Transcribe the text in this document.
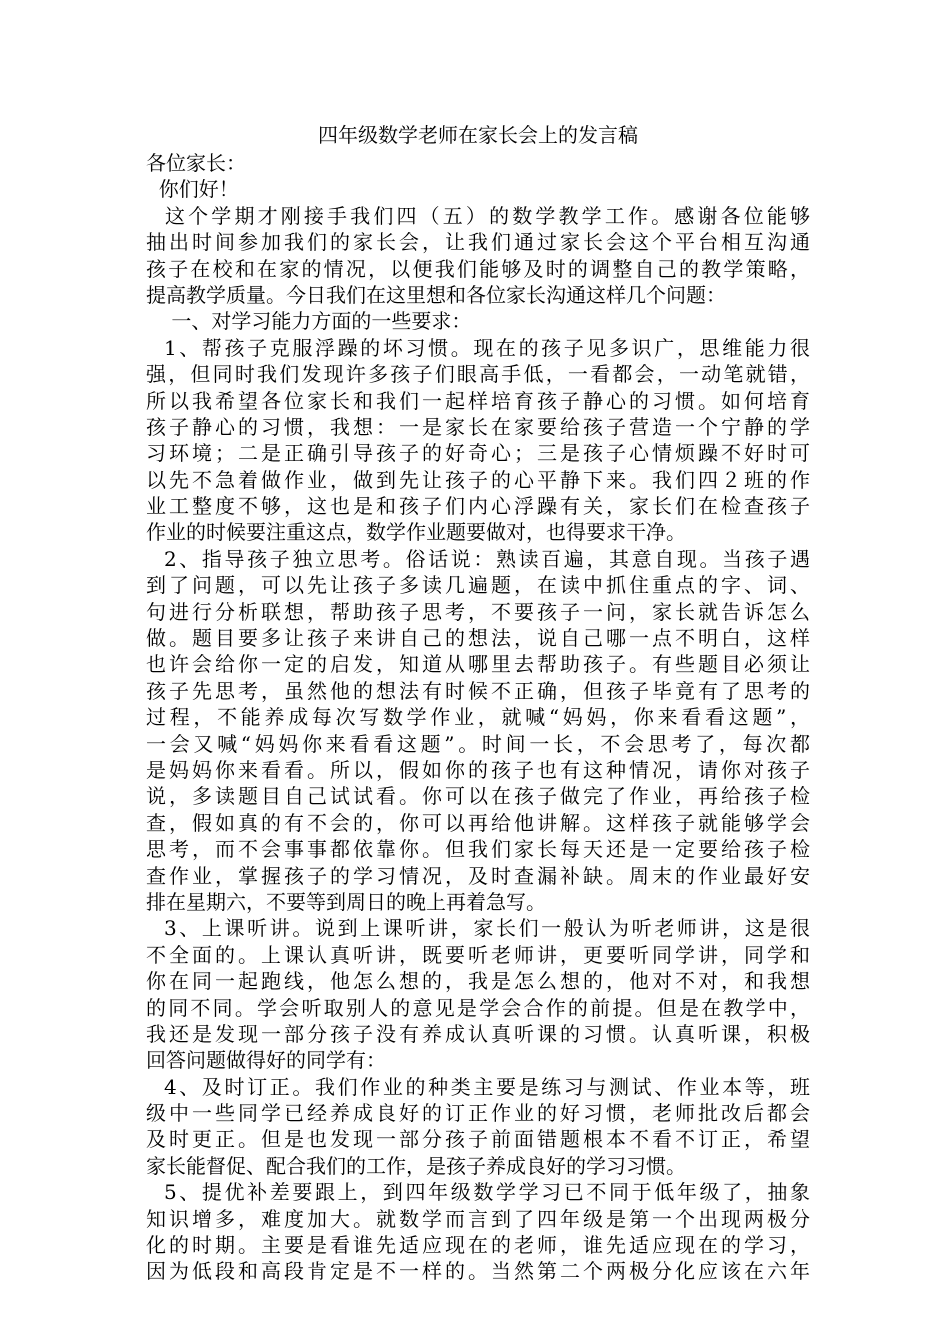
四年级数学老师在家长会上的发言稿
各位家长：
你们好！
这个学期才刚接手我们四（五）的数学教学工作。感谢各位能够
抽出时间参加我们的家长会，让我们通过家长会这个平台相互沟通
孩子在校和在家的情况，以便我们能够及时的调整自己的教学策略，
提高教学质量。今日我们在这里想和各位家长沟通这样几个问题：
一、对学习能力方面的一些要求：
1、帮孩子克服浮躁的坏习惯。现在的孩子见多识广，思维能力很
强，但同时我们发现许多孩子们眼高手低，一看都会，一动笔就错，
所以我希望各位家长和我们一起样培育孩子静心的习惯。如何培育
孩子静心的习惯，我想：一是家长在家要给孩子营造一个宁静的学
习环境；二是正确引导孩子的好奇心；三是孩子心情烦躁不好时可
以先不急着做作业，做到先让孩子的心平静下来。我们四２班的作
业工整度不够，这也是和孩子们内心浮躁有关，家长们在检查孩子
作业的时候要注重这点，数学作业题要做对，也得要求干净。
2、指导孩子独立思考。俗话说：熟读百遍，其意自现。当孩子遇
到了问题，可以先让孩子多读几遍题，在读中抓住重点的字、词、
句进行分析联想，帮助孩子思考，不要孩子一问，家长就告诉怎么
做。题目要多让孩子来讲自己的想法，说自己哪一点不明白，这样
也许会给你一定的启发，知道从哪里去帮助孩子。有些题目必须让
孩子先思考，虽然他的想法有时候不正确，但孩子毕竟有了思考的
过程，不能养成每次写数学作业，就喊“妈妈，你来看看这题”，
一会又喊“妈妈你来看看这题”。时间一长，不会思考了，每次都
是妈妈你来看看。所以，假如你的孩子也有这种情况，请你对孩子
说，多读题目自己试试看。你可以在孩子做完了作业，再给孩子检
查，假如真的有不会的，你可以再给他讲解。这样孩子就能够学会
思考，而不会事事都依靠你。但我们家长每天还是一定要给孩子检
查作业，掌握孩子的学习情况，及时查漏补缺。周末的作业最好安
排在星期六，不要等到周日的晚上再着急写。
3、上课听讲。说到上课听讲，家长们一般认为听老师讲，这是很
不全面的。上课认真听讲，既要听老师讲，更要听同学讲，同学和
你在同一起跑线，他怎么想的，我是怎么想的，他对不对，和我想
的同不同。学会听取别人的意见是学会合作的前提。但是在教学中，
我还是发现一部分孩子没有养成认真听课的习惯。认真听课，积极
回答问题做得好的同学有：
4、及时订正。我们作业的种类主要是练习与测试、作业本等，班
级中一些同学已经养成良好的订正作业的好习惯，老师批改后都会
及时更正。但是也发现一部分孩子前面错题根本不看不订正，希望
家长能督促、配合我们的工作，是孩子养成良好的学习习惯。
5、提优补差要跟上，到四年级数学学习已不同于低年级了，抽象
知识增多，难度加大。就数学而言到了四年级是第一个出现两极分
化的时期。主要是看谁先适应现在的老师，谁先适应现在的学习，
因为低段和高段肯定是不一样的。当然第二个两极分化应该在六年
